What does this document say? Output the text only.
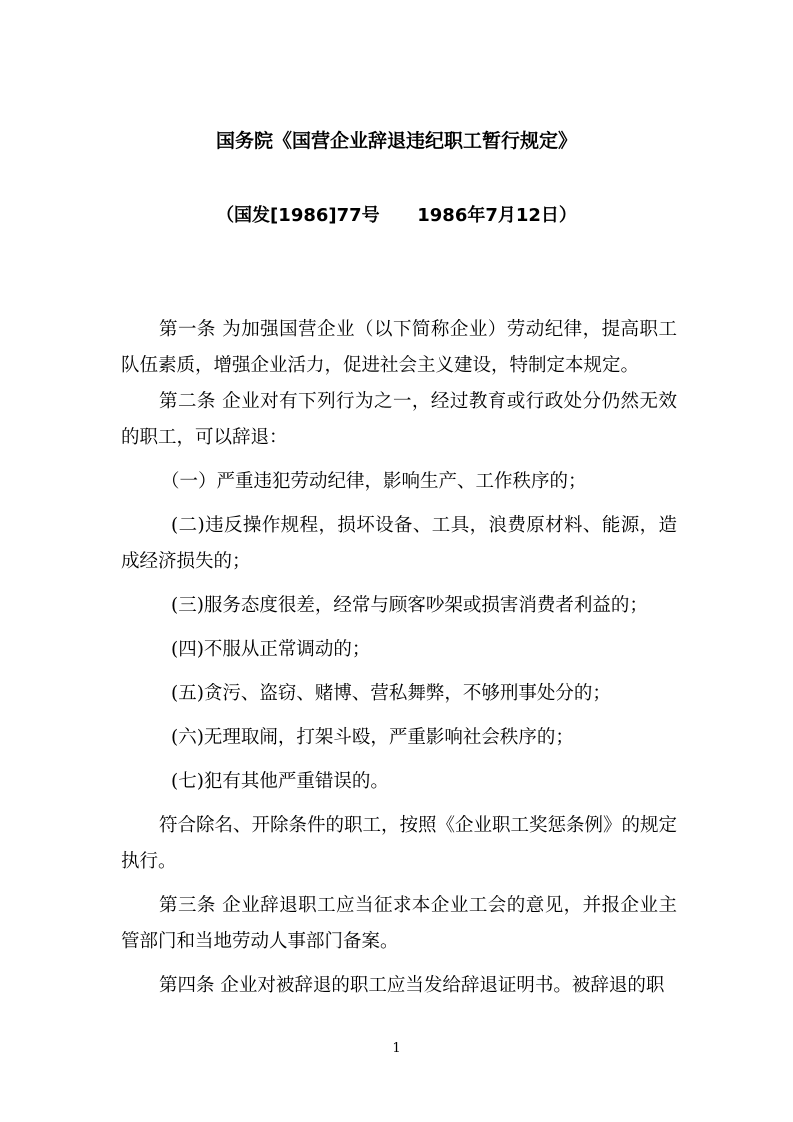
国务院《国营企业辞退违纪职工暂行规定》
（国发[1986]77号      1986年7月12日）

第一条 为加强国营企业（以下简称企业）劳动纪律，提高职工队伍素质，增强企业活力，促进社会主义建设，特制定本规定。

第二条 企业对有下列行为之一，经过教育或行政处分仍然无效的职工，可以辞退：

（一）严重违犯劳动纪律，影响生产、工作秩序的；

(二)违反操作规程，损坏设备、工具，浪费原材料、能源，造成经济损失的；

(三)服务态度很差，经常与顾客吵架或损害消费者利益的；

(四)不服从正常调动的；

(五)贪污、盗窃、赌博、营私舞弊，不够刑事处分的；

(六)无理取闹，打架斗殴，严重影响社会秩序的；

(七)犯有其他严重错误的。

符合除名、开除条件的职工，按照《企业职工奖惩条例》的规定执行。

第三条 企业辞退职工应当征求本企业工会的意见，并报企业主管部门和当地劳动人事部门备案。

第四条 企业对被辞退的职工应当发给辞退证明书。被辞退的职

1
